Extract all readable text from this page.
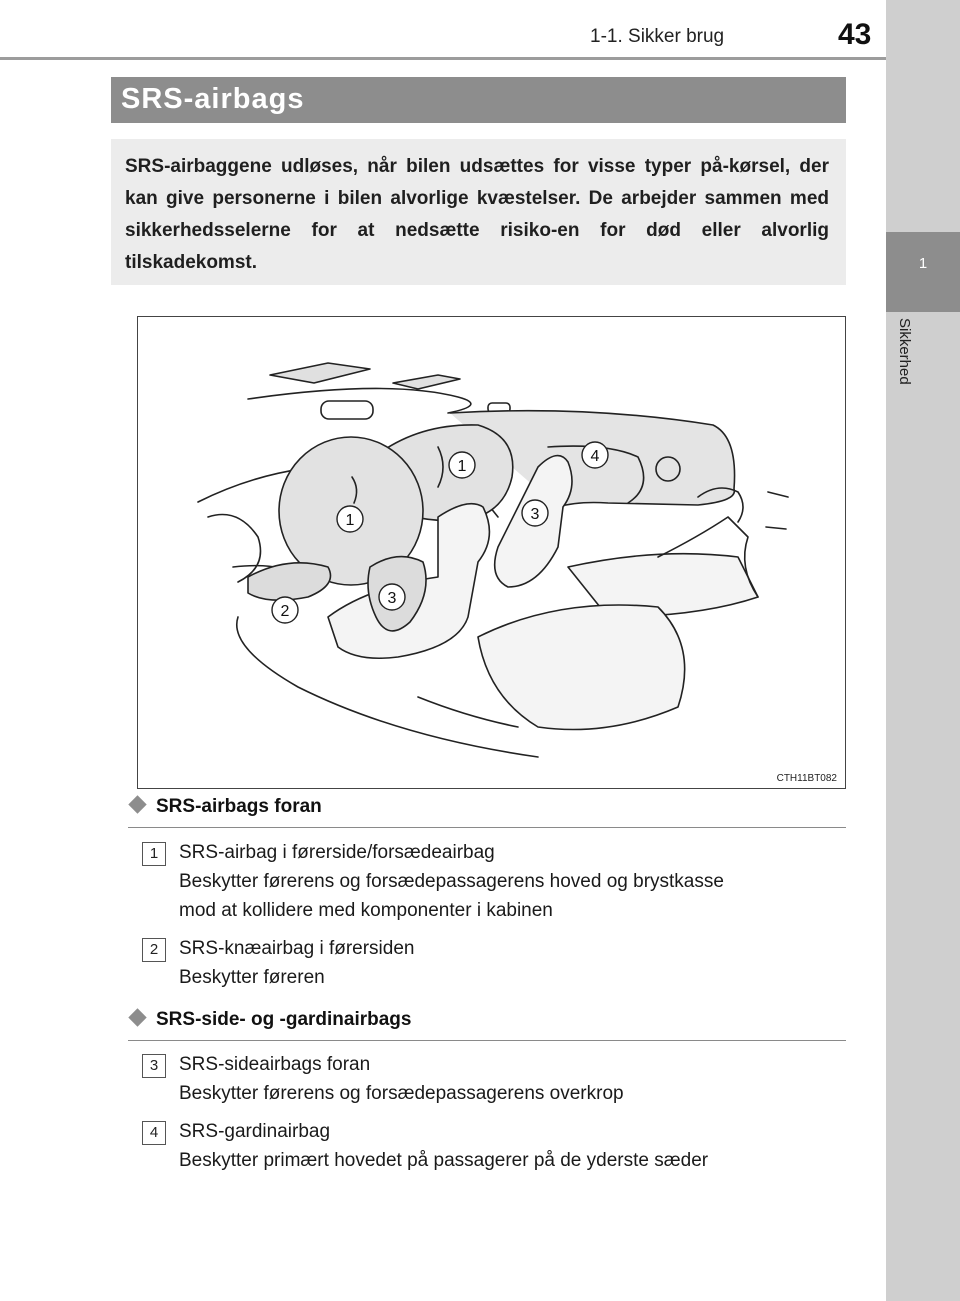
1-1. Sikker brug	43
1
Sikkerhed
SRS-airbags

SRS-airbaggene udløses, når bilen udsættes for visse typer på-kørsel, der kan give personerne i bilen alvorlige kvæstelser. De arbejder sammen med sikkerhedsselerne for at nedsætte risiko-en for død eller alvorlig tilskadekomst.

1
1
2
3
3
4
CTH11BT082
SRS-airbags foran
1	SRS-airbag i førerside/forsædeairbag
Beskytter førerens og forsædepassagerens hoved og brystkasse
mod at kollidere med komponenter i kabinen
2	SRS-knæairbag i førersiden
Beskytter føreren
SRS-side- og -gardinairbags
3	SRS-sideairbags foran
Beskytter førerens og forsædepassagerens overkrop
4	SRS-gardinairbag
Beskytter primært hovedet på passagerer på de yderste sæder
